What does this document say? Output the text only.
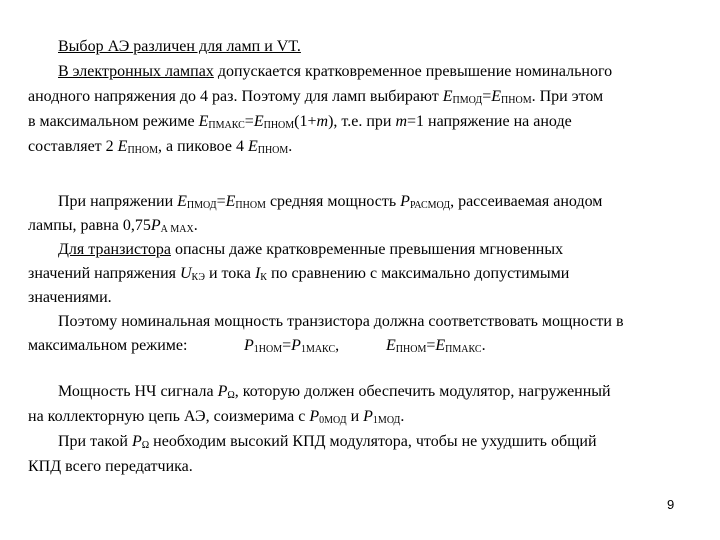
Выбор АЭ различен для ламп и VT.
В электронных лампах допускается кратковременное превышение номинального
анодного напряжения до 4 раз. Поэтому для ламп выбирают $E_{ПМОД}=E_{ПНОМ}$. При этом
в максимальном режиме $E_{ПМАКС}=E_{ПНОМ}(1+m)$, т.е. при m=1 напряжение на аноде
составляет 2 $E_{ПНОМ}$, а пиковое 4 $E_{ПНОМ}$.
При напряжении $E_{ПМОД}=E_{ПНОМ}$ средняя мощность $P_{РАСМОД}$, рассеиваемая анодом
лампы, равна $0,75P_{А MAX}$.
Для транзистора опасны даже кратковременные превышения мгновенных
значений напряжения $U_{КЭ}$ и тока $I_К$ по сравнению с максимально допустимыми
значениями.
Поэтому номинальная мощность транзистора должна соответствовать мощности в
максимальном режиме:	$P_{1НОМ}=P_{1МАКС}$,	$E_{ПНОМ}=E_{ПМАКС}$.
Мощность НЧ сигнала $P_\Omega$, которую должен обеспечить модулятор, нагруженный
на коллекторную цепь АЭ, соизмерима с $P_{0МОД}$ и $P_{1МОД}$.
При такой $P_\Omega$ необходим высокий КПД модулятора, чтобы не ухудшить общий
КПД всего передатчика.
9
